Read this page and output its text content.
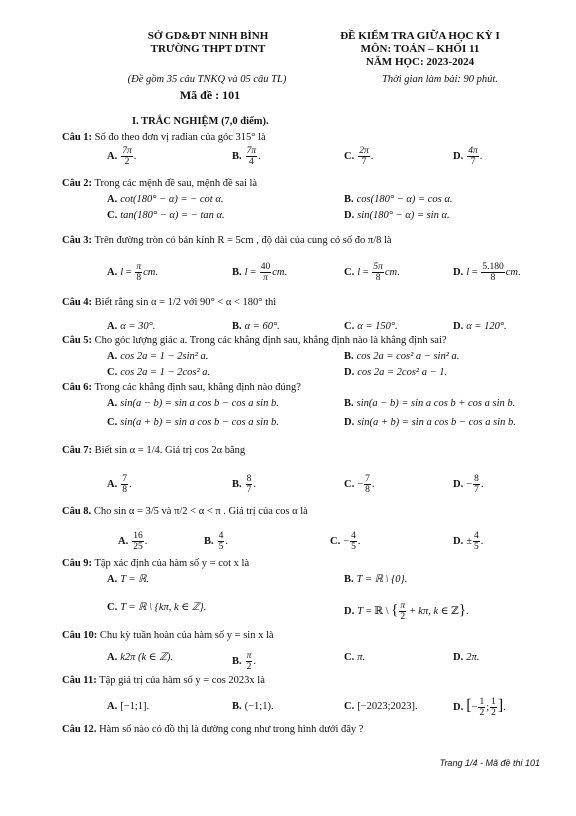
SỞ GD&ĐT NINH BÌNH
TRƯỜNG THPT DTNT
ĐỀ KIỂM TRA GIỮA HỌC KỲ I
MÔN: TOÁN – KHỐI 11
NĂM HỌC: 2023-2024
(Đề gồm 35 câu TNKQ và 05 câu TL)	Thời gian làm bài: 90 phút.
Mã đề : 101
I. TRẮC NGHIỆM (7,0 điểm).
Câu 1: Số đo theo đơn vị rađian của góc 315° là
A. $\frac{7\pi}{2}$ .	B. $\frac{7\pi}{4}$ .	C. $\frac{2\pi}{7}$ .	D. $\frac{4\pi}{7}$ .
Câu 2: Trong các mệnh đề sau, mệnh đề sai là
A. cot(180° − α) = − cot α.	B. cos(180° − α) = cos α.
C. tan(180° − α) = − tan α.	D. sin(180° − α) = sin α.
Câu 3: Trên đường tròn có bán kính R = 5cm , độ dài của cung có số đo π/8 là
A. $l = \frac{\pi}{8}$ cm.	B. $l = \frac{40}{\pi}$ cm.	C. $l = \frac{5\pi}{8}$ cm.	D. $l = \frac{5.180}{8}$ cm.
Câu 4: Biết rằng sin α = 1/2 với 90° < α < 180° thì
A. α = 30°.	B. α = 60°.	C. α = 150°.	D. α = 120°.
Câu 5: Cho góc lượng giác a. Trong các khẳng định sau, khẳng định nào là khẳng định sai?
A. cos 2a = 1 − 2sin² a.	B. cos 2a = cos² a − sin² a.
C. cos 2a = 1 − 2cos² a.	D. cos 2a = 2cos² a − 1.
Câu 6: Trong các khẳng định sau, khẳng định nào đúng?
A. sin(a − b) = sin a cos b − cos a sin b.	B. sin(a − b) = sin a cos b + cos a sin b.
C. sin(a + b) = sin a cos b − cos a sin b.	D. sin(a + b) = sin a cos b − cos a sin b.
Câu 7: Biết sin α = 1/4. Giá trị cos 2α bằng
A. $\frac{7}{8}$ .	B. $\frac{8}{7}$ .	C. − $\frac{7}{8}$ .	D. − $\frac{8}{7}$ .
Câu 8. Cho sin α = 3/5 và π/2 < α < π . Giá trị của cos α là
A. $\frac{16}{25}$ .	B. $\frac{4}{5}$ .	C. − $\frac{4}{5}$ .	D. ± $\frac{4}{5}$ .
Câu 9: Tập xác định của hàm số y = cot x là
A. T = ℝ.	B. T = ℝ \ {0}.
C. T = ℝ \ {kπ, k ∈ ℤ}.	D. T = ℝ \ { $\frac{\pi}{2} + k\pi$, k ∈ ℤ}.
Câu 10: Chu kỳ tuần hoàn của hàm số y = sin x là
A. k2π (k ∈ ℤ).	B. $\frac{\pi}{2}$ .	C. π.	D. 2π.
Câu 11: Tập giá trị của hàm số y = cos 2023x là
A. [−1;1].	B. (−1;1).	C. [−2023;2023].	D. [− $\frac{1}{2}$ ; $\frac{1}{2}$ ].
Câu 12. Hàm số nào có đồ thị là đường cong như trong hình dưới đây ?
Trang 1/4 - Mã đề thi 101
